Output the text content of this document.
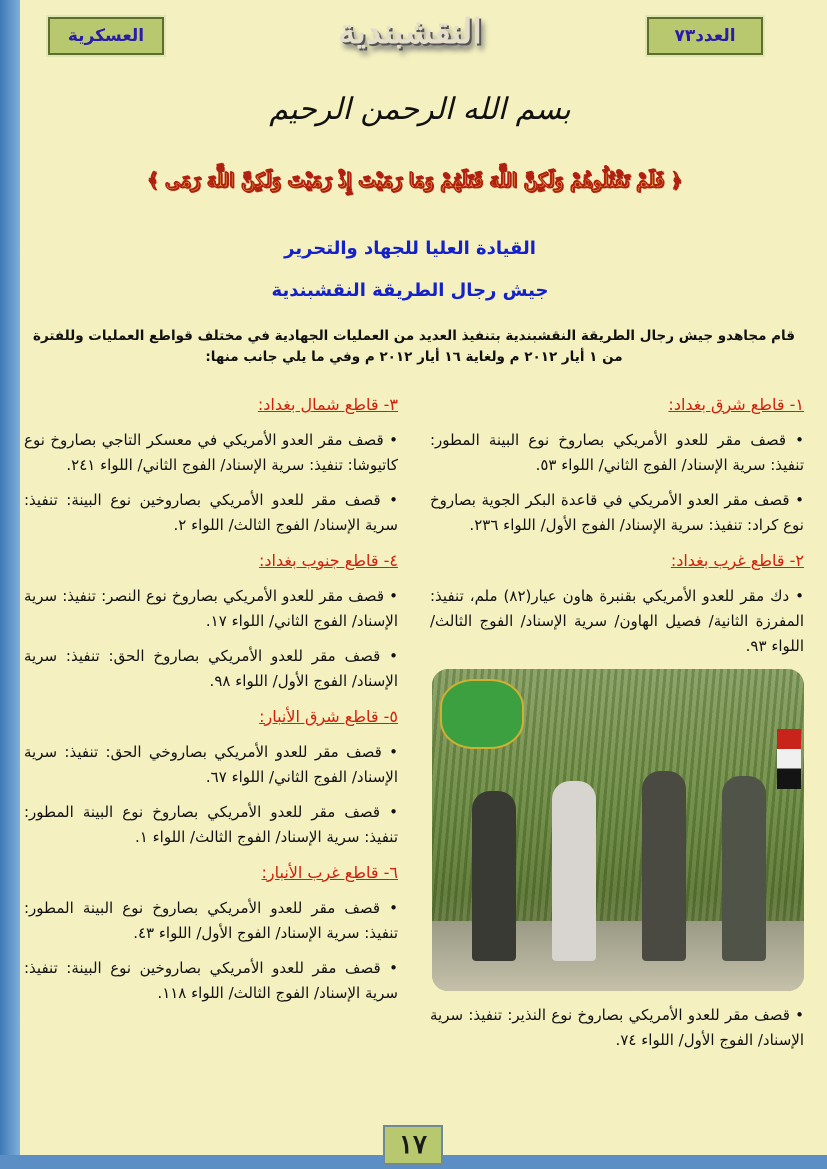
العسكرية	العدد٧٣
النقشبندية
بسم الله الرحمن الرحيم
﴿ فَلَمْ تَقْتُلُوهُمْ وَلَكِنَّ اللَّهَ قَتَلَهُمْ وَمَا رَمَيْتَ إِذْ رَمَيْتَ وَلَكِنَّ اللَّهَ رَمَى ﴾
القيادة العليا للجهاد والتحرير
جيش رجال الطريقة النقشبندية
قام مجاهدو جيش رجال الطريقة النقشبندية بتنفيذ العديد من العمليات الجهادية في مختلف قواطع العمليات وللفترة من ١ أيار ٢٠١٢ م ولغاية ١٦ أيار ٢٠١٢ م وفي ما يلي جانب منها:

١- قاطع شرق بغداد:

• قصف مقر للعدو الأمريكي بصاروخ نوع البينة المطور: تنفيذ: سرية الإسناد/ الفوج الثاني/ اللواء ٥٣.

• قصف مقر العدو الأمريكي في قاعدة البكر الجوية بصاروخ نوع كراد: تنفيذ: سرية الإسناد/ الفوج الأول/ اللواء ٢٣٦.

٢- قاطع غرب بغداد:

• دك مقر للعدو الأمريكي بقنبرة هاون عيار(٨٢) ملم، تنفيذ: المفرزة الثانية/ فصيل الهاون/ سرية الإسناد/ الفوج الثالث/ اللواء ٩٣.

• قصف مقر للعدو الأمريكي بصاروخ نوع النذير: تنفيذ: سرية الإسناد/ الفوج الأول/ اللواء ٧٤.

٣- قاطع شمال بغداد:

• قصف مقر العدو الأمريكي في معسكر التاجي بصاروخ نوع كاتيوشا: تنفيذ: سرية الإسناد/ الفوج الثاني/ اللواء ٢٤١.

• قصف مقر للعدو الأمريكي بصاروخين نوع البينة: تنفيذ: سرية الإسناد/ الفوج الثالث/ اللواء ٢.

٤- قاطع جنوب بغداد:

• قصف مقر للعدو الأمريكي بصاروخ نوع النصر: تنفيذ: سرية الإسناد/ الفوج الثاني/ اللواء ١٧.

• قصف مقر للعدو الأمريكي بصاروخ الحق: تنفيذ: سرية الإسناد/ الفوج الأول/ اللواء ٩٨.

٥- قاطع شرق الأنبار:

• قصف مقر للعدو الأمريكي بصاروخي الحق: تنفيذ: سرية الإسناد/ الفوج الثاني/ اللواء ٦٧.

• قصف مقر للعدو الأمريكي بصاروخ نوع البينة المطور: تنفيذ: سرية الإسناد/ الفوج الثالث/ اللواء ١.

٦- قاطع غرب الأنبار:

• قصف مقر للعدو الأمريكي بصاروخ نوع البينة المطور: تنفيذ: سرية الإسناد/ الفوج الأول/ اللواء ٤٣.

• قصف مقر للعدو الأمريكي بصاروخين نوع البينة: تنفيذ: سرية الإسناد/ الفوج الثالث/ اللواء ١١٨.

١٧
